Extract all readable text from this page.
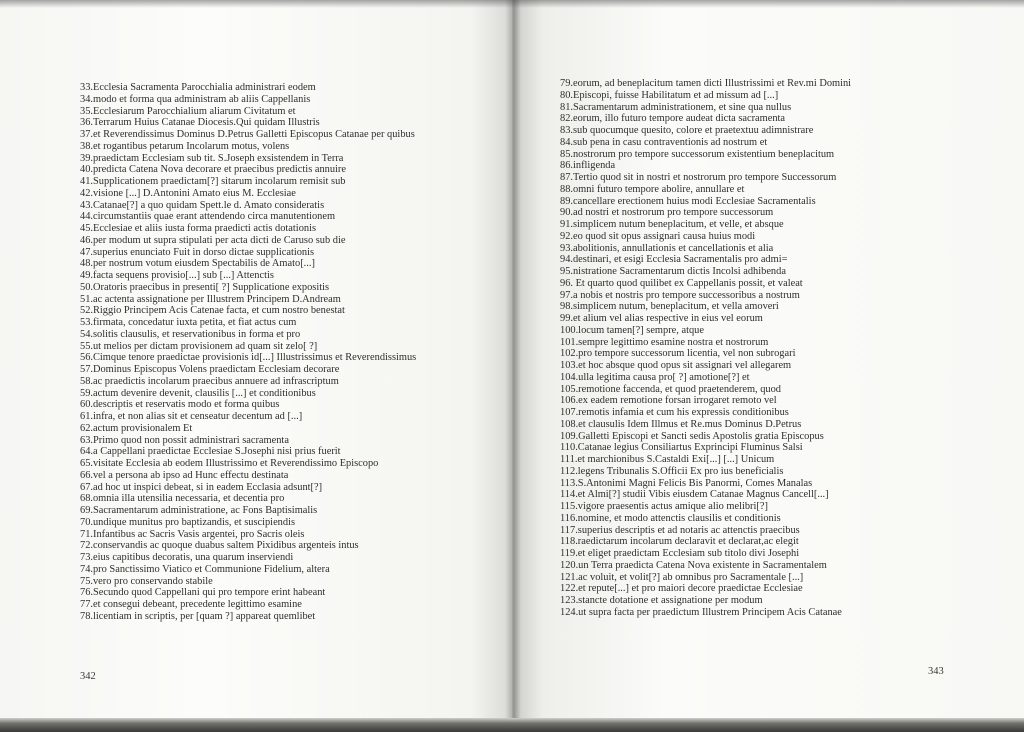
33.Ecclesia Sacramenta Parocchialia administrari eodem
34.modo et forma qua administram ab aliis Cappellanis
35.Ecclesiarum Parocchialium aliarum Civitatum et
36.Terrarum Huius Catanae Diocesis.Qui quidam Illustris
37.et Reverendissimus Dominus D.Petrus Galletti Episcopus Catanae per quibus
38.et rogantibus petarum Incolarum motus, volens
39.praedictam Ecclesiam sub tit. S.Joseph exsistendem in Terra
40.predicta Catena Nova decorare et praecibus predictis annuire
41.Supplicationem praedictam[?] sitarum incolarum remisit sub
42.visione [...] D.Antonini Amato eius M. Ecclesiae
43.Catanae[?] a quo quidam Spett.le d. Amato consideratis
44.circumstantiis quae erant attendendo circa manutentionem
45.Ecclesiae et aliis iusta forma praedicti actis dotationis
46.per modum ut supra stipulati per acta dicti de Caruso sub die
47.superius enunciato Fuit in dorso dictae supplicationis
48.per nostrum votum eiusdem Spectabilis de Amato[...]
49.facta sequens provisio[...] sub [...] Attenctis
50.Oratoris praecibus in presenti[ ?] Supplicatione expositis
51.ac actenta assignatione per Illustrem Principem D.Andream
52.Riggio Principem Acis Catenae facta, et cum nostro benestat
53.firmata, concedatur iuxta petita, et fiat actus cum
54.solitis clausulis, et reservationibus in forma et pro
55.ut melios per dictam provisionem ad quam sit zelo[ ?]
56.Cimque tenore praedictae provisionis id[...] Illustrissimus et Reverendissimus
57.Dominus Episcopus Volens praedictam Ecclesiam decorare
58.ac praedictis incolarum praecibus annuere ad infrascriptum
59.actum devenire devenit, clausilis [...] et conditionibus
60.descriptis et reservatis modo et forma quibus
61.infra, et non alias sit et censeatur decentum ad [...]
62.actum provisionalem Et
63.Primo quod non possit administrari sacramenta
64.a Cappellani praedictae Ecclesiae S.Josephi nisi prius fuerit
65.visitate Ecclesia ab eodem Illustrissimo et Reverendissimo Episcopo
66.vel a persona ab ipso ad Hunc effectu destinata
67.ad hoc ut inspici debeat, si in eadem Ecclasia adsunt[?]
68.omnia illa utensilia necessaria, et decentia pro
69.Sacramentarum administratione, ac Fons Baptisimalis
70.undique munitus pro baptizandis, et suscipiendis
71.Infantibus ac Sacris Vasis argentei, pro Sacris oleis
72.conservandis ac quoque duabus saltem Pixidibus argenteis intus
73.eius capitibus decoratis, una quarum inserviendi
74.pro Sanctissimo Viatico et Communione Fidelium, altera
75.vero pro conservando stabile
76.Secundo quod Cappellani qui pro tempore erint habeant
77.et consegui debeant, precedente legittimo esamine
78.licentiam in scriptis, per [quam ?] appareat quemlibet
342
79.eorum, ad beneplacitum tamen dicti Illustrissimi et Rev.mi Domini
80.Episcopi, fuisse Habilitatum et ad missum ad [...]
81.Sacramentarum administrationem, et sine qua nullus
82.eorum, illo futuro tempore audeat dicta sacramenta
83.sub quocumque quesito, colore et praetextuu adimnistrare
84.sub pena in casu contraventionis ad nostrum et
85.nostrorum pro tempore successorum existentium beneplacitum
86.infligenda
87.Tertio quod sit in nostri et nostrorum pro tempore Successorum
88.omni futuro tempore abolire, annullare et
89.cancellare erectionem huius modi Ecclesiae Sacramentalis
90.ad nostri et nostrorum pro tempore successorum
91.simplicem nutum beneplacitum, et velle, et absque
92.eo quod sit opus assignari causa huius modi
93.abolitionis, annullationis et cancellationis et alia
94.destinari, et esigi Ecclesia Sacramentalis pro admi=
95.nistratione Sacramentarum dictis Incolsi adhibenda
96. Et quarto quod quilibet ex Cappellanis possit, et valeat
97.a nobis et nostris pro tempore successoribus a nostrum
98.simplicem nutum, beneplacitum, et vella amoveri
99.et alium vel alias respective in eius vel eorum
100.locum tamen[?] sempre, atque
101.sempre legittimo esamine nostra et nostrorum
102.pro tempore successorum licentia, vel non subrogari
103.et hoc absque quod opus sit assignari vel allegarem
104.ulla legitima causa pro[ ?] amotione[?] et
105.remotione faccenda, et quod praetenderem, quod
106.ex eadem remotione forsan irrogaret remoto vel
107.remotis infamia et cum his expressis conditionibus
108.et clausulis Idem Illmus et Re.mus Dominus D.Petrus
109.Galletti Episcopi et Sancti sedis Apostolis gratia Episcopus
110.Catanae legius Consiliartus Exprincipi Fluminus Salsi
111.et marchionibus S.Castaldi Exi[...] [...] Unicum
112.legens Tribunalis S.Officii Ex pro ius beneficialis
113.S.Antonimi Magni Felicis Bis Panormi, Comes Manalas
114.et Almi[?] studii Vibis eiusdem Catanae Magnus Cancell[...]
115.vigore praesentis actus amique alio melibri[?]
116.nomine, et modo attenctis clausilis et conditionis
117.superius descriptis et ad notaris ac attenctis praecibus
118.raedictarum incolarum declaravit et declarat,ac elegit
119.et eliget praedictam Ecclesiam sub titolo divi Josephi
120.un Terra praedicta Catena Nova existente in Sacramentalem
121.ac voluit, et volit[?] ab omnibus pro Sacramentale [...]
122.et repute[...] et pro maiori decore praedictae Ecclesiae
123.stancte dotatione et assignatione per modum
124.ut supra facta per praedictum Illustrem Principem Acis Catanae
343
